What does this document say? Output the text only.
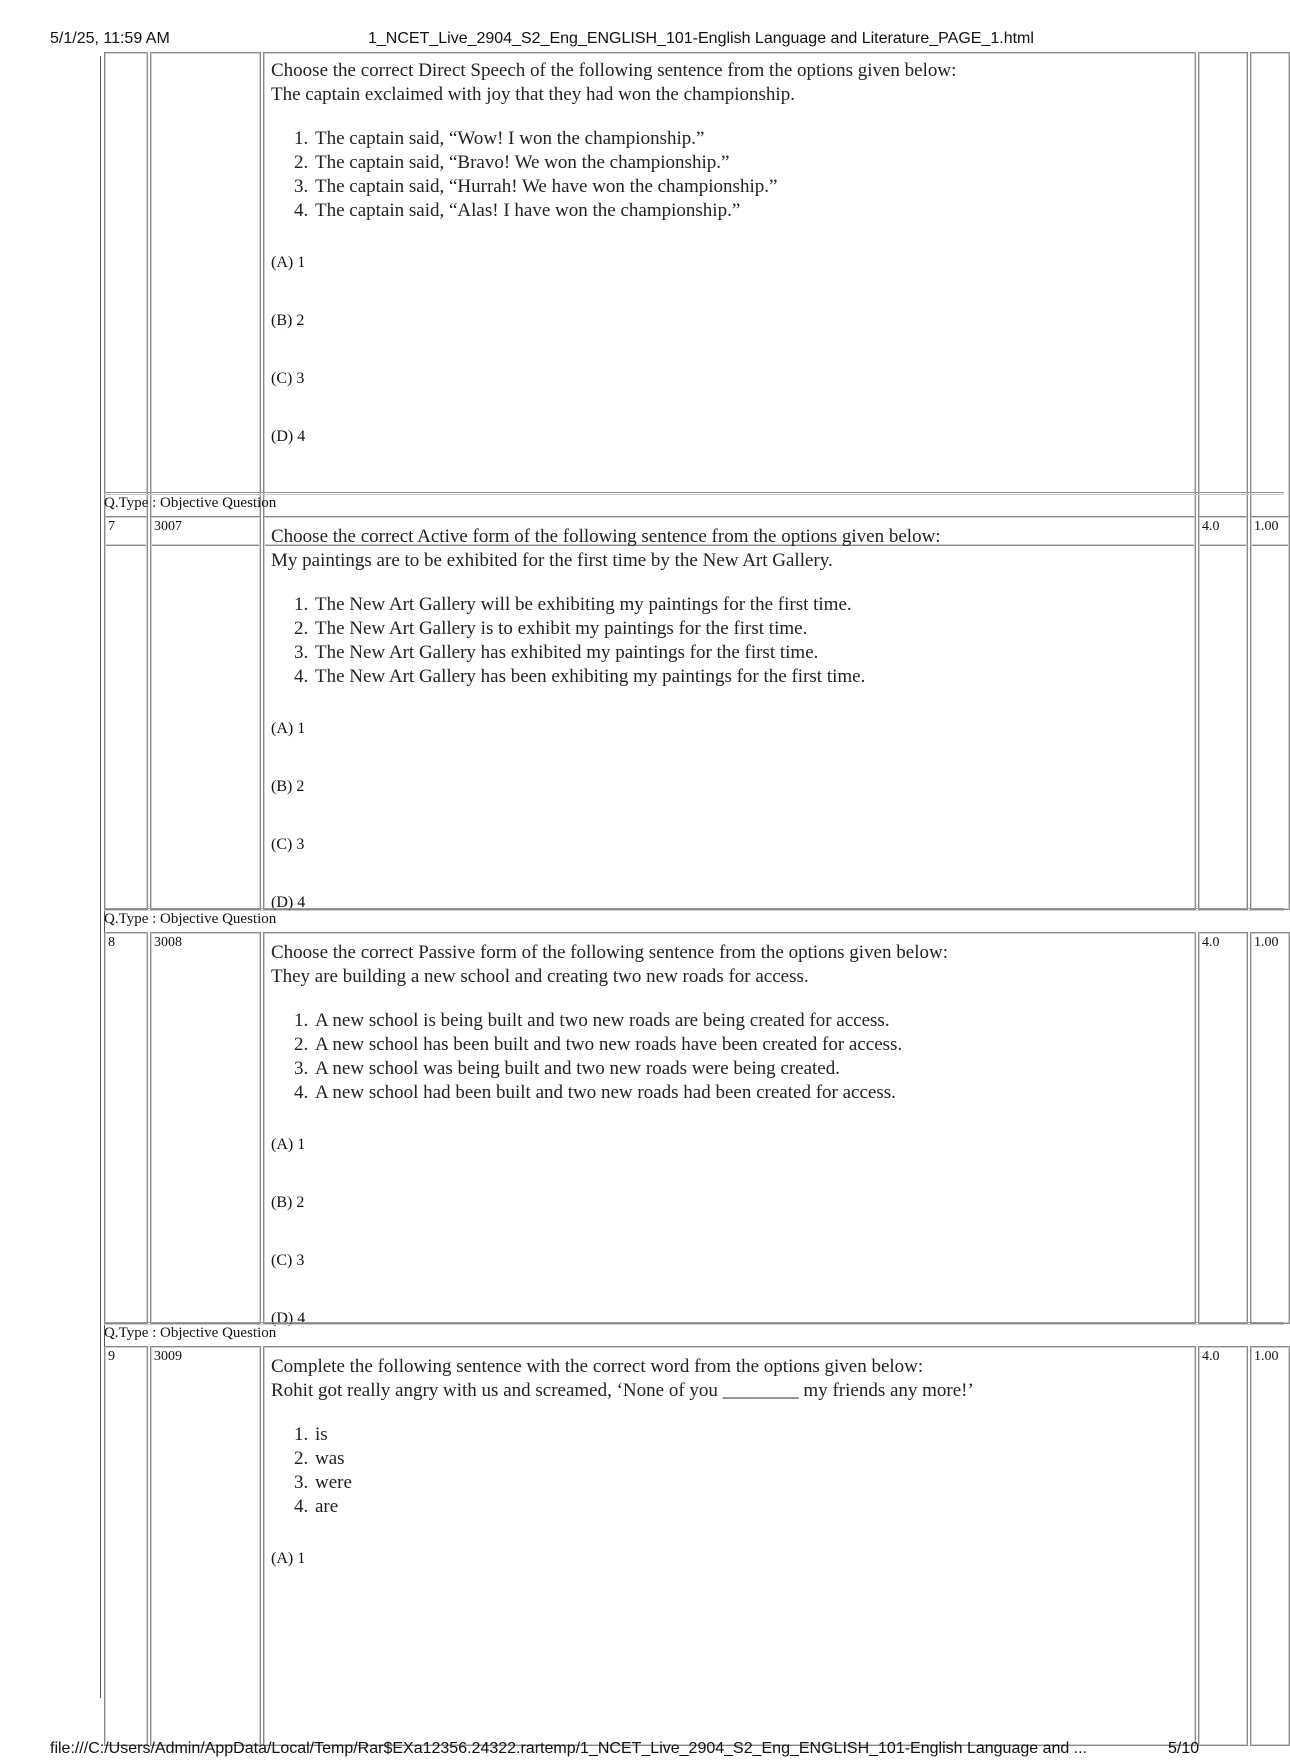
5/1/25, 11:59 AM	1_NCET_Live_2904_S2_Eng_ENGLISH_101-English Language and Literature_PAGE_1.html

Choose the correct Direct Speech of the following sentence from the options given below:

The captain exclaimed with joy that they had won the championship.

1. The captain said, “Wow! I won the championship.”
2. The captain said, “Bravo! We won the championship.”
3. The captain said, “Hurrah! We have won the championship.”
4. The captain said, “Alas! I have won the championship.”
(A) 1
(B) 2
(C) 3
(D) 4
Q.Type : Objective Question
7	3007	Choose the correct Active form of the following sentence from the options given below:

My paintings are to be exhibited for the first time by the New Art Gallery.

1. The New Art Gallery will be exhibiting my paintings for the first time.
2. The New Art Gallery is to exhibit my paintings for the first time.
3. The New Art Gallery has exhibited my paintings for the first time.
4. The New Art Gallery has been exhibiting my paintings for the first time.
(A) 1
(B) 2
(C) 3
(D) 4
4.0	1.00
Q.Type : Objective Question
8	3008	Choose the correct Passive form of the following sentence from the options given below:

They are building a new school and creating two new roads for access.

1. A new school is being built and two new roads are being created for access.
2. A new school has been built and two new roads have been created for access.
3. A new school was being built and two new roads were being created.
4. A new school had been built and two new roads had been created for access.
(A) 1
(B) 2
(C) 3
(D) 4
4.0	1.00
Q.Type : Objective Question
9	3009	Complete the following sentence with the correct word from the options given below:

Rohit got really angry with us and screamed, ‘None of you ________ my friends any more!’

1. is
2. was
3. were
4. are
(A) 1
4.0	1.00
file:///C:/Users/Admin/AppData/Local/Temp/Rar$EXa12356.24322.rartemp/1_NCET_Live_2904_S2_Eng_ENGLISH_101-English Language and ...	5/10
